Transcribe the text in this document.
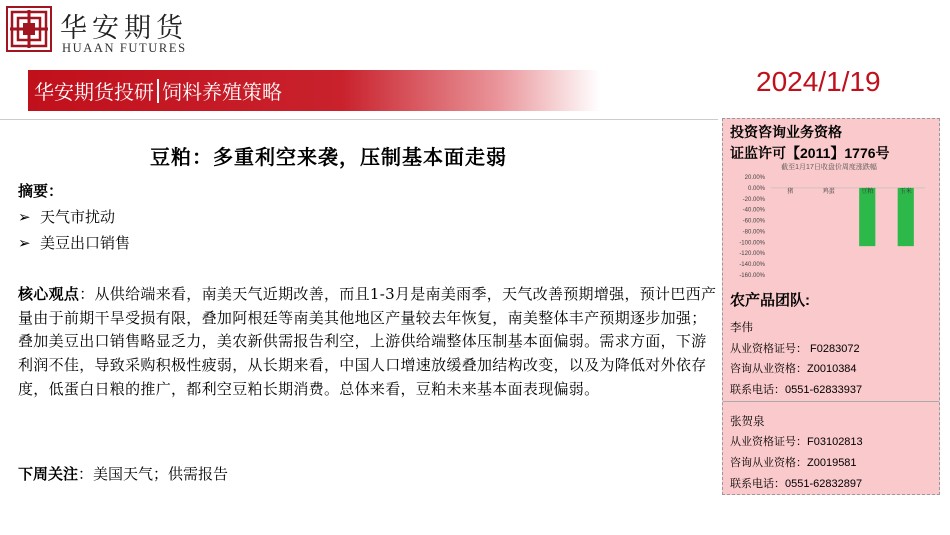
华安期货
HUAAN FUTURES
华安期货投研 饲料养殖策略	2024/1/19
豆粕：多重利空来袭，压制基本面走弱
摘要：
➢ 天气市扰动
➢ 美豆出口销售
核心观点：从供给端来看，南美天气近期改善，而且1-3月是南美雨季，天气改善预期增强，预计巴西产量由于前期干旱受损有限，叠加阿根廷等南美其他地区产量较去年恢复，南美整体丰产预期逐步加强；叠加美豆出口销售略显乏力，美农新供需报告利空，上游供给端整体压制基本面偏弱。需求方面，下游利润不佳，导致采购积极性疲弱，从长期来看，中国人口增速放缓叠加结构改变，以及为降低对外依存度，低蛋白日粮的推广，都利空豆粕长期消费。总体来看，豆粕未来基本面表现偏弱。
下周关注：美国天气；供需报告
投资咨询业务资格
证监许可【2011】1776号
截至1月17日收盘价周度涨跌幅
20.00%
0.00%
-20.00%
-40.00%
-60.00%
-80.00%
-100.00%
-120.00%
-140.00%
-160.00%
猪	鸡蛋	豆粕	玉米
农产品团队:
李伟
从业资格证号： F0283072
咨询从业资格：Z0010384
联系电话：0551-62833937
张贺泉
从业资格证号：F03102813
咨询从业资格：Z0019581
联系电话：0551-62832897
